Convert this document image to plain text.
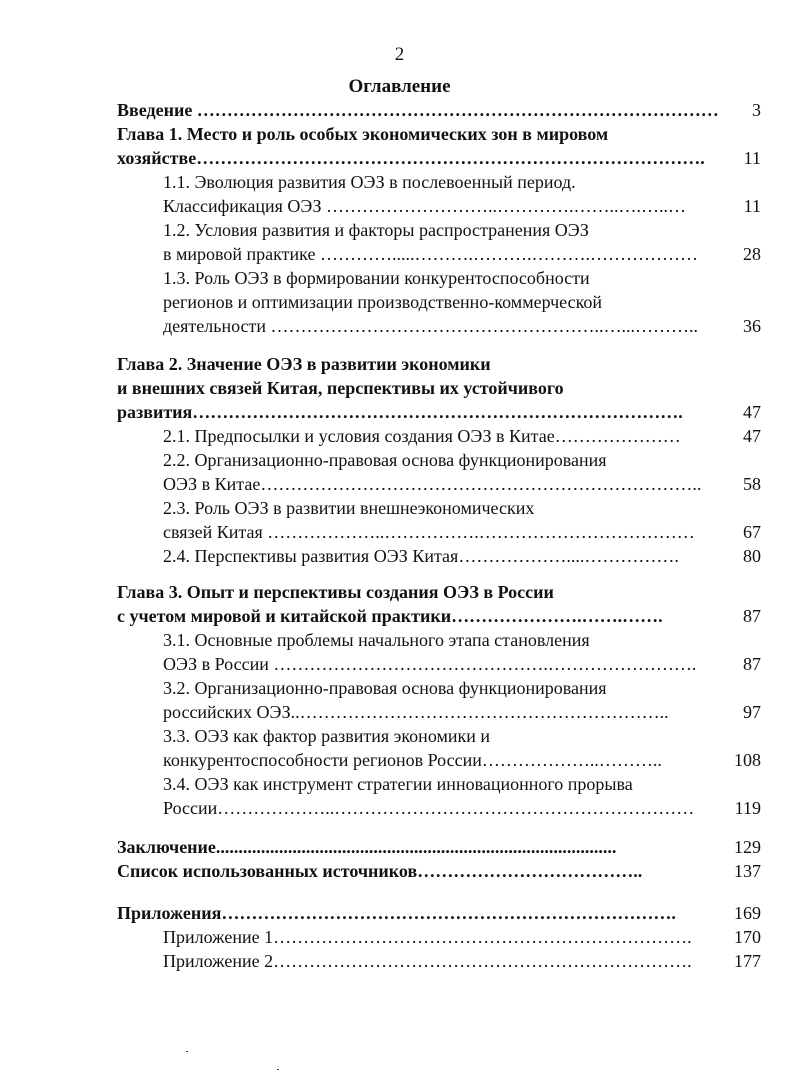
2
Оглавление
Введение ……………………………………………………………………………	3
Глава 1. Место и роль особых экономических зон в мировом
хозяйстве………………………………………………………………………….	11
1.1. Эволюция развития ОЭЗ в послевоенный период.
Классификация ОЭЗ ………………………..………….……..….…..…	11
1.2. Условия развития и факторы распространения ОЭЗ
в мировой практике ………….....……….……….……….………………	28
1.3. Роль ОЭЗ в формировании конкурентоспособности
регионов и оптимизации производственно-коммерческой
деятельности ………………………………………………..…...………..	36
Глава 2. Значение ОЭЗ в развитии экономики
и внешних связей Китая, перспективы их устойчивого
развития……………………………………………………………………….	47
2.1. Предпосылки и условия создания ОЭЗ в Китае…………………	47
2.2. Организационно-правовая основа функционирования
ОЭЗ в Китае………………………………………………………………..	58
2.3. Роль ОЭЗ в развитии внешнеэкономических
связей Китая ………………..…………….………………………………	67
2.4. Перспективы развития ОЭЗ Китая………………....…………….	80
Глава 3. Опыт и перспективы создания ОЭЗ в России
с учетом мировой и китайской практики………………….…….…….	87
3.1. Основные проблемы начального этапа становления
ОЭЗ в России ……………………………………….…………………….	87
3.2. Организационно-правовая основа функционирования
российских ОЭЗ..……………………………………………………..	97
3.3. ОЭЗ как фактор развития экономики и
конкурентоспособности регионов России………………..………..	108
3.4. ОЭЗ как инструмент стратегии инновационного прорыва
России………………..……………………………………………………	119
Заключение.........................................................................................	129
Список использованных источников………………………………..	137
Приложения………………………………………………………………….	169
Приложение 1…………………………………………………………….	170
Приложение 2…………………………………………………………….	177
